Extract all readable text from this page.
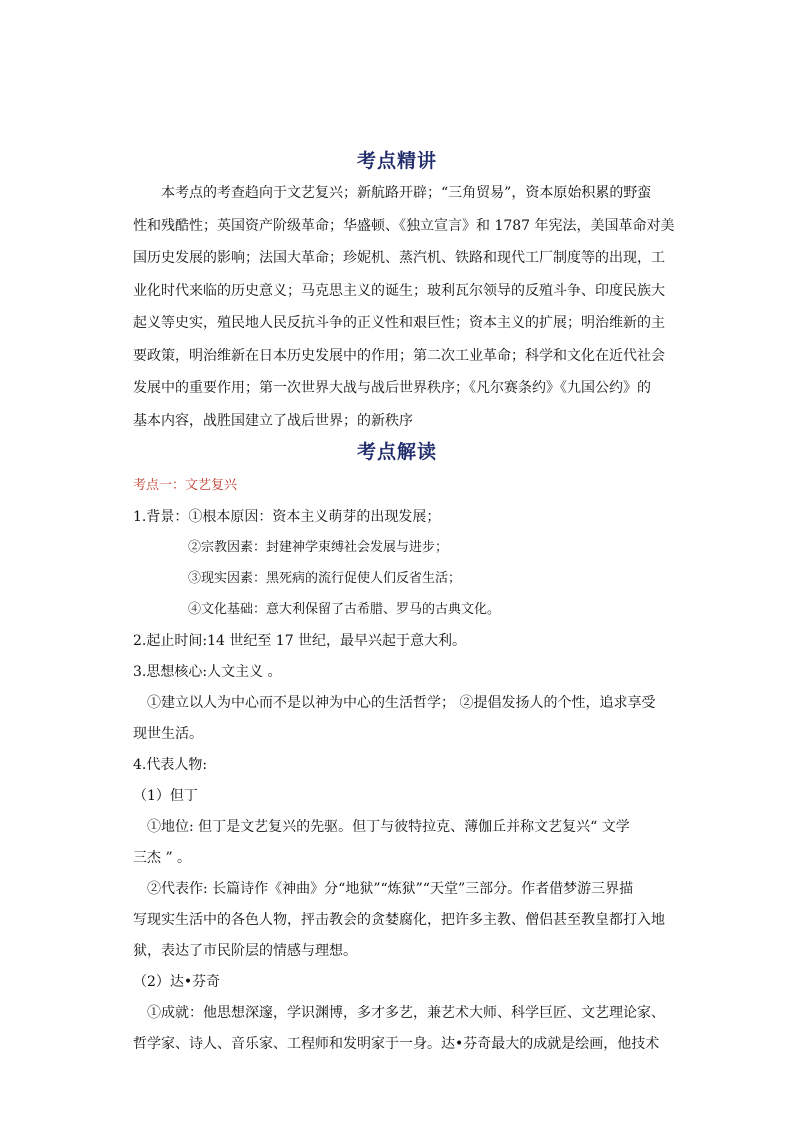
考点精讲

本考点的考查趋向于文艺复兴；新航路开辟；“三角贸易”，资本原始积累的野蛮

性和残酷性；英国资产阶级革命；华盛顿、《独立宣言》和 1787 年宪法，美国革命对美

国历史发展的影响；法国大革命；珍妮机、蒸汽机、铁路和现代工厂制度等的出现，工

业化时代来临的历史意义；马克思主义的诞生；玻利瓦尔领导的反殖斗争、印度民族大

起义等史实，殖民地人民反抗斗争的正义性和艰巨性；资本主义的扩展；明治维新的主

要政策，明治维新在日本历史发展中的作用；第二次工业革命；科学和文化在近代社会

发展中的重要作用；第一次世界大战与战后世界秩序；《凡尔赛条约》《九国公约》的

基本内容，战胜国建立了战后世界；的新秩序

考点解读
考点一：文艺复兴
1.背景：①根本原因：资本主义萌芽的出现发展；
②宗教因素：封建神学束缚社会发展与进步；
③现实因素：黑死病的流行促使人们反省生活；
④文化基础：意大利保留了古希腊、罗马的古典文化。
2.起止时间:14 世纪至 17 世纪，最早兴起于意大利。
3.思想核心:人文主义 。
①建立以人为中心而不是以神为中心的生活哲学； ②提倡发扬人的个性，追求享受
现世生活。
4.代表人物:
（1）但丁
①地位: 但丁是文艺复兴的先驱。但丁与彼特拉克、薄伽丘并称文艺复兴“ 文学
三杰 ” 。
②代表作: 长篇诗作《神曲》分“地狱”“炼狱”“天堂”三部分。作者借梦游三界描
写现实生活中的各色人物，抨击教会的贪婪腐化，把许多主教、僧侣甚至教皇都打入地
狱，表达了市民阶层的情感与理想。
（2）达•芬奇
①成就：他思想深邃，学识渊博，多才多艺，兼艺术大师、科学巨匠、文艺理论家、
哲学家、诗人、音乐家、工程师和发明家于一身。达•芬奇最大的成就是绘画，他技术
